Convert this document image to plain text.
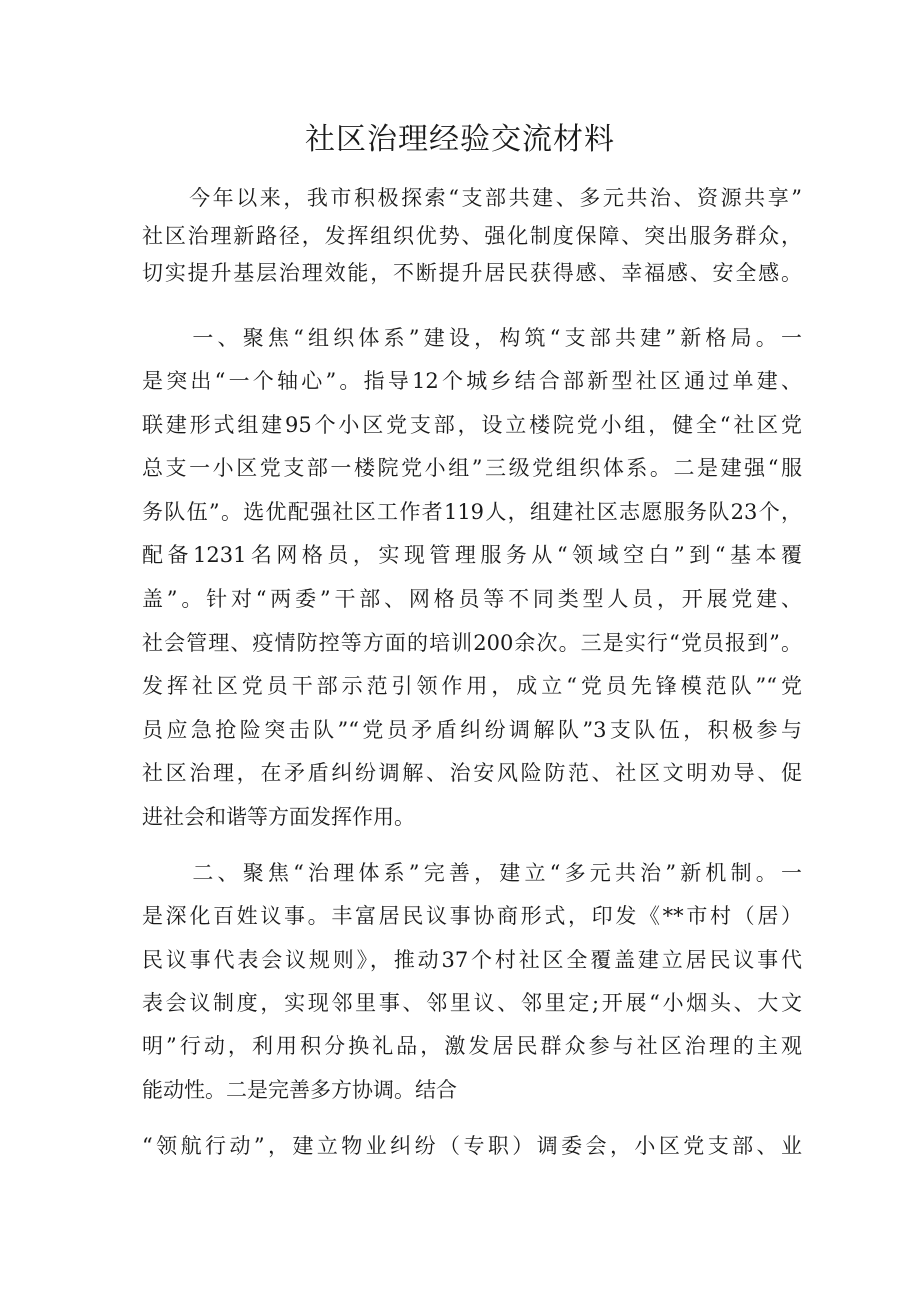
社区治理经验交流材料
　　今年以来，我市积极探索“支部共建、多元共治、资源共享”
社区治理新路径，发挥组织优势、强化制度保障、突出服务群众，
切实提升基层治理效能，不断提升居民获得感、幸福感、安全感。
　　一、聚焦“组织体系”建设，构筑“支部共建”新格局。一
是突出“一个轴心”。指导12个城乡结合部新型社区通过单建、
联建形式组建95个小区党支部，设立楼院党小组，健全“社区党
总支一小区党支部一楼院党小组”三级党组织体系。二是建强“服
务队伍”。选优配强社区工作者119人，组建社区志愿服务队23个，
配备1231名网格员，实现管理服务从“领域空白”到“基本覆
盖”。针对“两委”干部、网格员等不同类型人员，开展党建、
社会管理、疫情防控等方面的培训200余次。三是实行“党员报到”。
发挥社区党员干部示范引领作用，成立“党员先锋模范队”“党
员应急抢险突击队”“党员矛盾纠纷调解队”3支队伍，积极参与
社区治理，在矛盾纠纷调解、治安风险防范、社区文明劝导、促
进社会和谐等方面发挥作用。
　　二、聚焦“治理体系”完善，建立“多元共治”新机制。一
是深化百姓议事。丰富居民议事协商形式，印发《**市村（居）
民议事代表会议规则》，推动37个村社区全覆盖建立居民议事代
表会议制度，实现邻里事、邻里议、邻里定;开展“小烟头、大文
明”行动，利用积分换礼品，激发居民群众参与社区治理的主观
能动性。二是完善多方协调。结合
“领航行动”，建立物业纠纷（专职）调委会，小区党支部、业
